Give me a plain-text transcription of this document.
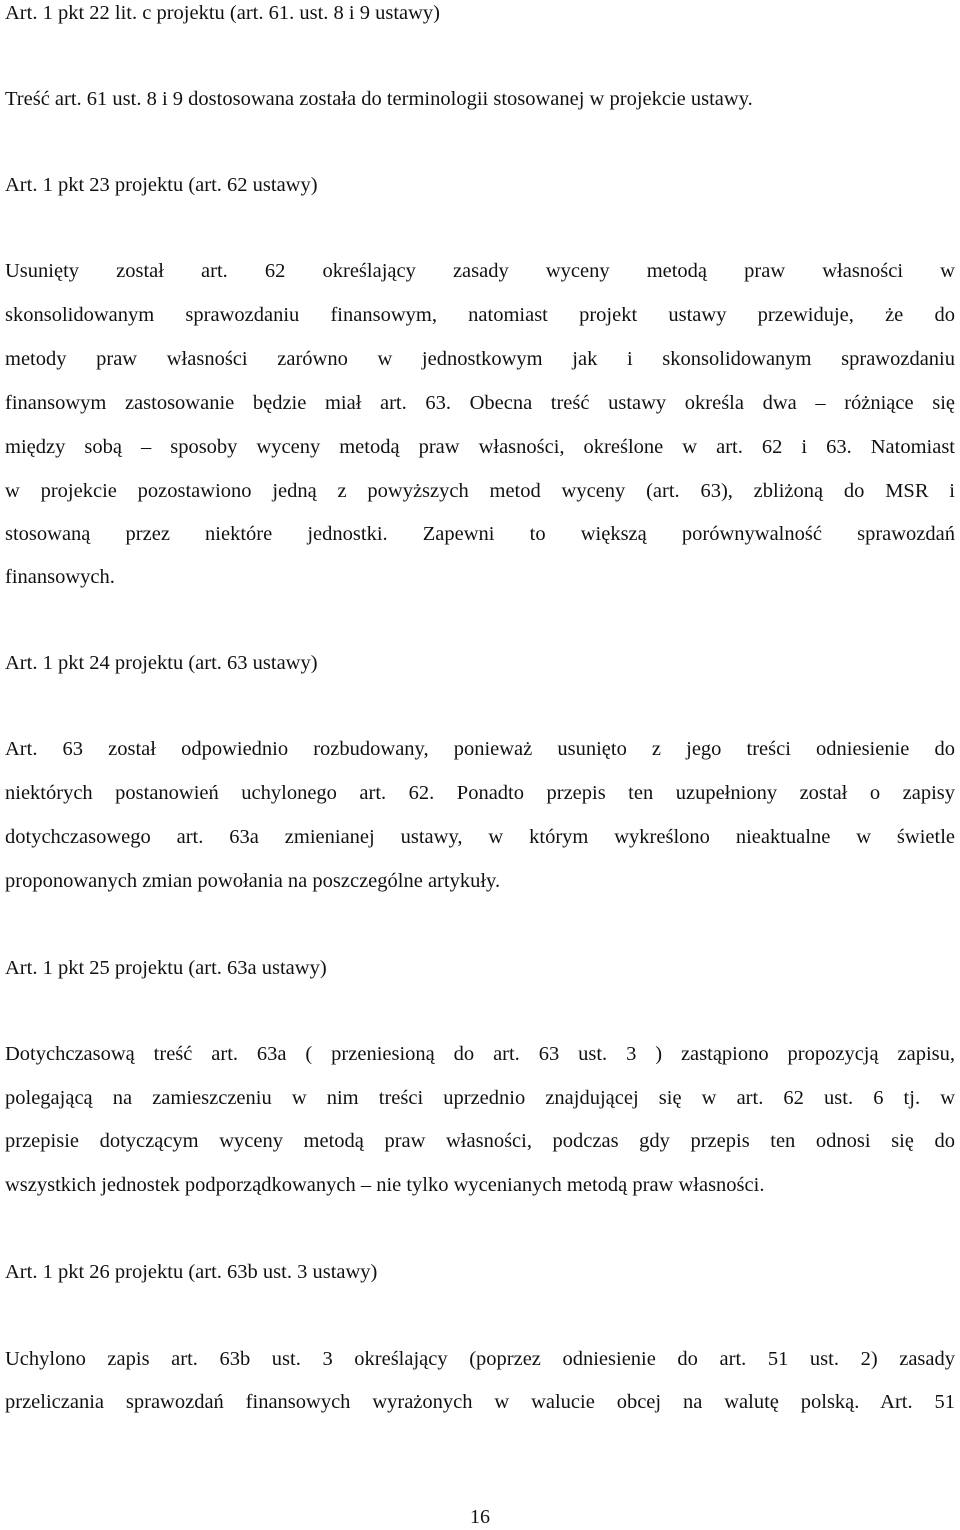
Art. 1 pkt 22 lit. c projektu (art. 61. ust. 8 i 9 ustawy)
Treść art. 61 ust. 8 i 9 dostosowana została do terminologii stosowanej w projekcie ustawy.
Art. 1 pkt 23 projektu (art. 62 ustawy)
Usunięty został art. 62 określający zasady wyceny metodą praw własności w
skonsolidowanym sprawozdaniu finansowym, natomiast projekt ustawy przewiduje, że do
metody praw własności zarówno w jednostkowym jak i skonsolidowanym sprawozdaniu
finansowym zastosowanie będzie miał art. 63. Obecna treść ustawy określa dwa – różniące się
między sobą – sposoby wyceny metodą praw własności, określone w art. 62 i 63. Natomiast
w projekcie pozostawiono jedną z powyższych metod wyceny (art. 63), zbliżoną do MSR i
stosowaną przez niektóre jednostki. Zapewni to większą porównywalność sprawozdań
finansowych.
Art. 1 pkt 24 projektu (art. 63 ustawy)
Art. 63 został odpowiednio rozbudowany, ponieważ usunięto z jego treści odniesienie do
niektórych postanowień uchylonego art. 62. Ponadto przepis ten uzupełniony został o zapisy
dotychczasowego art. 63a zmienianej ustawy, w którym wykreślono nieaktualne w świetle
proponowanych zmian powołania na poszczególne artykuły.
Art. 1 pkt 25 projektu (art. 63a ustawy)
Dotychczasową treść art. 63a ( przeniesioną do art. 63 ust. 3 ) zastąpiono propozycją zapisu,
polegającą na zamieszczeniu w nim treści uprzednio znajdującej się w art. 62 ust. 6 tj. w
przepisie dotyczącym wyceny metodą praw własności, podczas gdy przepis ten odnosi się do
wszystkich jednostek podporządkowanych – nie tylko wycenianych metodą praw własności.
Art. 1 pkt 26 projektu (art. 63b ust. 3 ustawy)
Uchylono zapis art. 63b ust. 3 określający (poprzez odniesienie do art. 51 ust. 2) zasady
przeliczania sprawozdań finansowych wyrażonych w walucie obcej na walutę polską. Art. 51
16
